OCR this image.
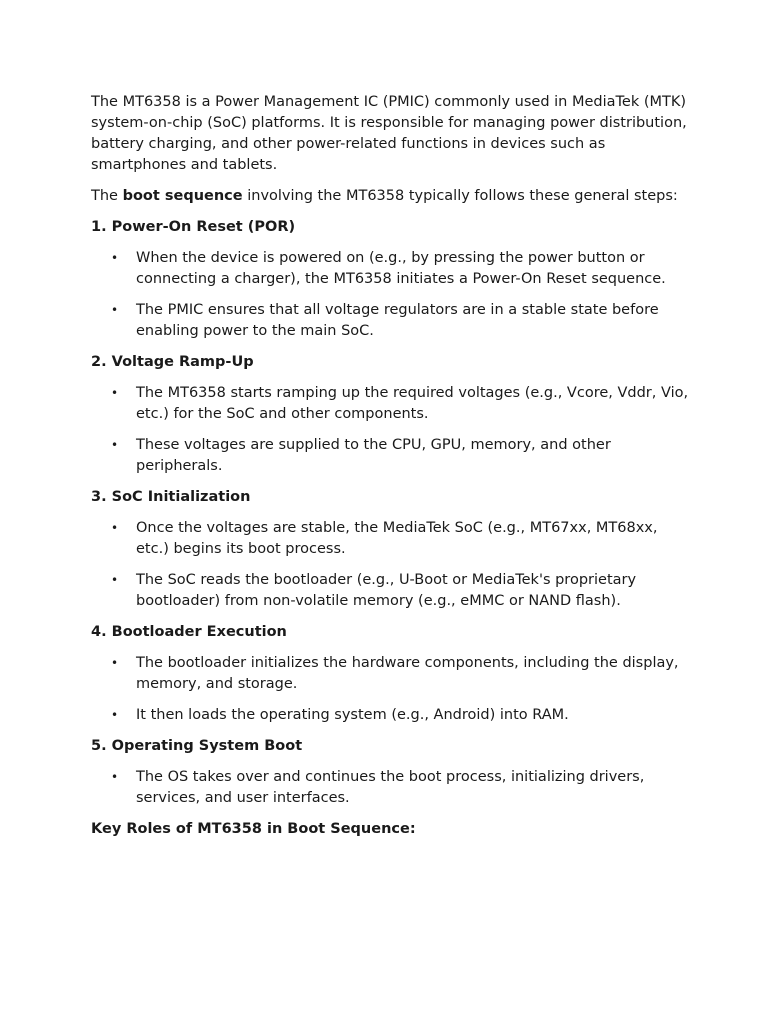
The MT6358 is a Power Management IC (PMIC) commonly used in MediaTek (MTK) system-on-chip (SoC) platforms. It is responsible for managing power distribution, battery charging, and other power-related functions in devices such as smartphones and tablets.

The boot sequence involving the MT6358 typically follows these general steps:

1. Power-On Reset (POR)
• When the device is powered on (e.g., by pressing the power button or connecting a charger), the MT6358 initiates a Power-On Reset sequence.
• The PMIC ensures that all voltage regulators are in a stable state before enabling power to the main SoC.
2. Voltage Ramp-Up
• The MT6358 starts ramping up the required voltages (e.g., Vcore, Vddr, Vio, etc.) for the SoC and other components.
• These voltages are supplied to the CPU, GPU, memory, and other peripherals.
3. SoC Initialization
• Once the voltages are stable, the MediaTek SoC (e.g., MT67xx, MT68xx, etc.) begins its boot process.
• The SoC reads the bootloader (e.g., U-Boot or MediaTek's proprietary bootloader) from non-volatile memory (e.g., eMMC or NAND flash).
4. Bootloader Execution
• The bootloader initializes the hardware components, including the display, memory, and storage.
• It then loads the operating system (e.g., Android) into RAM.
5. Operating System Boot
• The OS takes over and continues the boot process, initializing drivers, services, and user interfaces.
Key Roles of MT6358 in Boot Sequence:
